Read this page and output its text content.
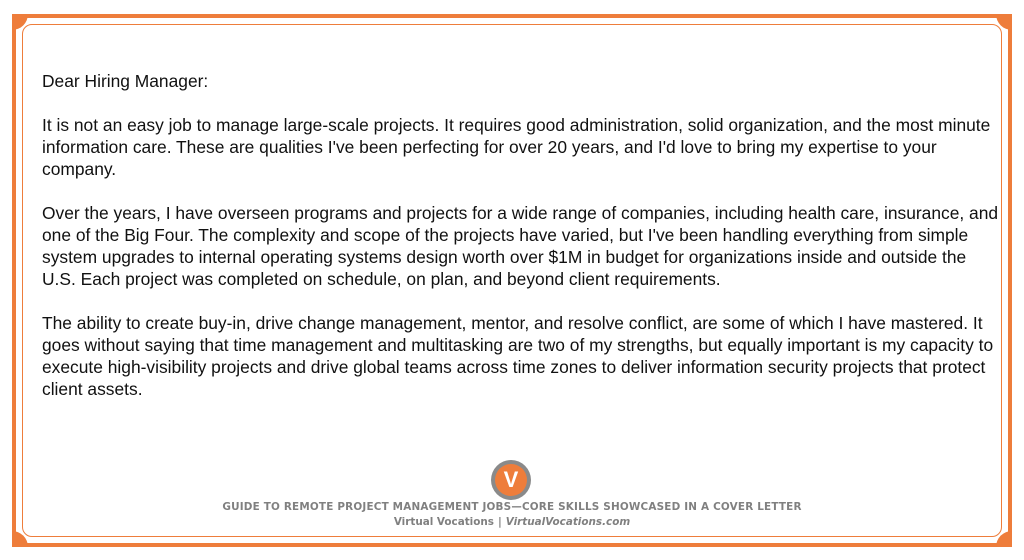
Dear Hiring Manager:

It is not an easy job to manage large-scale projects. It requires good administration, solid organization, and the most minute information care. These are qualities I've been perfecting for over 20 years, and I'd love to bring my expertise to your company.

Over the years, I have overseen programs and projects for a wide range of companies, including health care, insurance, and one of the Big Four. The complexity and scope of the projects have varied, but I've been handling everything from simple system upgrades to internal operating systems design worth over $1M in budget for organizations inside and outside the U.S. Each project was completed on schedule, on plan, and beyond client requirements.

The ability to create buy-in, drive change management, mentor, and resolve conflict, are some of which I have mastered. It goes without saying that time management and multitasking are two of my strengths, but equally important is my capacity to execute high-visibility projects and drive global teams across time zones to deliver information security projects that protect client assets.

V
GUIDE TO REMOTE PROJECT MANAGEMENT JOBS—CORE SKILLS SHOWCASED IN A COVER LETTER
Virtual Vocations | VirtualVocations.com
